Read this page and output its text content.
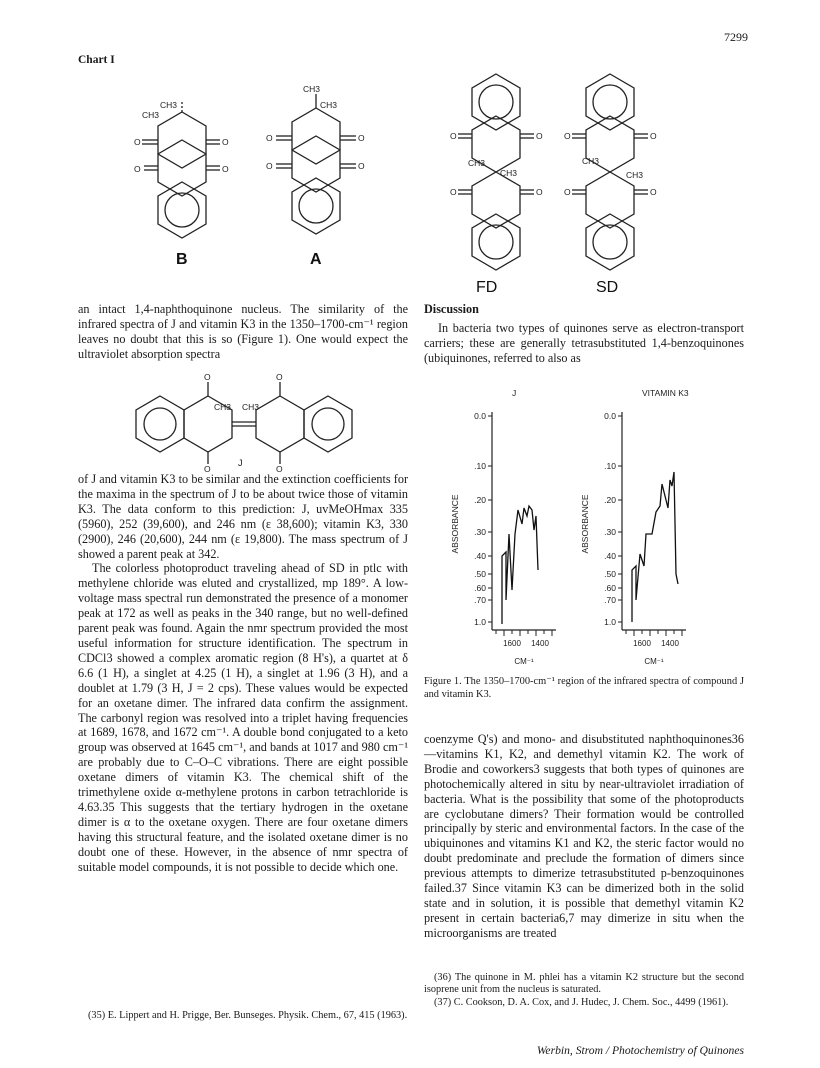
7299
Chart I
CH3
CH3
O
O
O
O
CH3
CH3
O
O
O
O
B	A
O	O
O	O
CH3
CH3
O	O
O	O
CH3
CH3
FD	SD

an intact 1,4-naphthoquinone nucleus. The similarity of the infrared spectra of J and vitamin K3 in the 1350–1700-cm⁻¹ region leaves no doubt that this is so (Figure 1). One would expect the ultraviolet absorption spectra

O	O
O	O
CH3 CH3
J

of J and vitamin K3 to be similar and the extinction coefficients for the maxima in the spectrum of J to be about twice those of vitamin K3. The data conform to this prediction: J, uvMeOHmax 335 (5960), 252 (39,600), and 246 nm (ε 38,600); vitamin K3, 330 (2900), 246 (20,600), 244 nm (ε 19,800). The mass spectrum of J showed a parent peak at 342.

The colorless photoproduct traveling ahead of SD in ptlc with methylene chloride was eluted and crystallized, mp 189°. A low-voltage mass spectral run demonstrated the presence of a monomer peak at 172 as well as peaks in the 340 range, but no well-defined parent peak was found. Again the nmr spectrum provided the most useful information for structure identification. The spectrum in CDCl3 showed a complex aromatic region (8 H's), a quartet at δ 6.6 (1 H), a singlet at 4.25 (1 H), a singlet at 1.96 (3 H), and a doublet at 1.79 (3 H, J = 2 cps). These values would be expected for an oxetane dimer. The infrared data confirm the assignment. The carbonyl region was resolved into a triplet having frequencies at 1689, 1678, and 1672 cm⁻¹. A double bond conjugated to a keto group was observed at 1645 cm⁻¹, and bands at 1017 and 980 cm⁻¹ are probably due to C–O–C vibrations. There are eight possible oxetane dimers of vitamin K3. The chemical shift of the trimethylene oxide α-methylene protons in carbon tetrachloride is 4.63.35 This suggests that the tertiary hydrogen in the oxetane dimer is α to the oxetane oxygen. There are four oxetane dimers having this structural feature, and the isolated oxetane dimer is no doubt one of these. However, in the absence of nmr spectra of suitable model compounds, it is not possible to decide which one.

Discussion

In bacteria two types of quinones serve as electron-transport carriers; these are generally tetrasubstituted 1,4-benzoquinones (ubiquinones, referred to also as

J	VITAMIN K3
0.0
.10
.20
.30
.40
.50
.60
.70
1.0
0.0
.10
.20
.30
.40
.50
.60
.70
1.0
ABSORBANCE	ABSORBANCE
1600 1400	1600 1400
CM⁻¹	CM⁻¹
Figure 1. The 1350–1700-cm⁻¹ region of the infrared spectra of compound J and vitamin K3.

coenzyme Q's) and mono- and disubstituted naphthoquinones36—vitamins K1, K2, and demethyl vitamin K2. The work of Brodie and coworkers3 suggests that both types of quinones are photochemically altered in situ by near-ultraviolet irradiation of bacteria. What is the possibility that some of the photoproducts are cyclobutane dimers? Their formation would be controlled principally by steric and environmental factors. In the case of the ubiquinones and vitamins K1 and K2, the steric factor would no doubt predominate and preclude the formation of dimers since previous attempts to dimerize tetrasubstituted p-benzoquinones failed.37 Since vitamin K3 can be dimerized both in the solid state and in solution, it is possible that demethyl vitamin K2 present in certain bacteria6,7 may dimerize in situ when the microorganisms are treated

(35) E. Lippert and H. Prigge, Ber. Bunseges. Physik. Chem., 67, 415 (1963).

(36) The quinone in M. phlei has a vitamin K2 structure but the second isoprene unit from the nucleus is saturated.

(37) C. Cookson, D. A. Cox, and J. Hudec, J. Chem. Soc., 4499 (1961).

Werbin, Strom / Photochemistry of Quinones
